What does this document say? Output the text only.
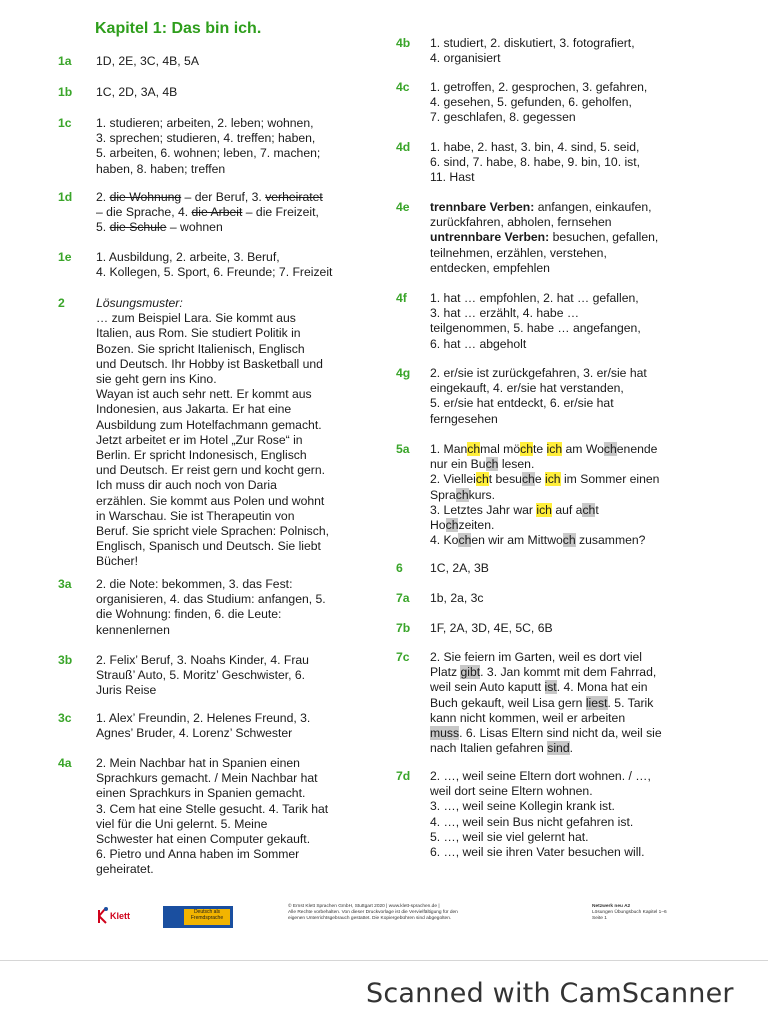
Kapitel 1: Das bin ich.
1a 1D, 2E, 3C, 4B, 5A
1b 1C, 2D, 3A, 4B
1c 1. studieren; arbeiten, 2. leben; wohnen,
3. sprechen; studieren, 4. treffen; haben,
5. arbeiten, 6. wohnen; leben, 7. machen;
haben, 8. haben; treffen
1d 2. die Wohnung – der Beruf, 3. verheiratet
– die Sprache, 4. die Arbeit – die Freizeit,
5. die Schule – wohnen
1e 1. Ausbildung, 2. arbeite, 3. Beruf,
4. Kollegen, 5. Sport, 6. Freunde; 7. Freizeit
2	Lösungsmuster:
… zum Beispiel Lara. Sie kommt aus
Italien, aus Rom. Sie studiert Politik in
Bozen. Sie spricht Italienisch, Englisch
und Deutsch. Ihr Hobby ist Basketball und
sie geht gern ins Kino.
Wayan ist auch sehr nett. Er kommt aus
Indonesien, aus Jakarta. Er hat eine
Ausbildung zum Hotelfachmann gemacht.
Jetzt arbeitet er im Hotel „Zur Rose“ in
Berlin. Er spricht Indonesisch, Englisch
und Deutsch. Er reist gern und kocht gern.
Ich muss dir auch noch von Daria
erzählen. Sie kommt aus Polen und wohnt
in Warschau. Sie ist Therapeutin von
Beruf. Sie spricht viele Sprachen: Polnisch,
Englisch, Spanisch und Deutsch. Sie liebt
Bücher!
3a 2. die Note: bekommen, 3. das Fest:
organisieren, 4. das Studium: anfangen, 5.
die Wohnung: finden, 6. die Leute:
kennenlernen
3b 2. Felix’ Beruf, 3. Noahs Kinder, 4. Frau
Strauß’ Auto, 5. Moritz’ Geschwister, 6.
Juris Reise
3c 1. Alex’ Freundin, 2. Helenes Freund, 3.
Agnes’ Bruder, 4. Lorenz’ Schwester
4a 2. Mein Nachbar hat in Spanien einen
Sprachkurs gemacht. / Mein Nachbar hat
einen Sprachkurs in Spanien gemacht.
3. Cem hat eine Stelle gesucht. 4. Tarik hat
viel für die Uni gelernt. 5. Meine
Schwester hat einen Computer gekauft.
6. Pietro und Anna haben im Sommer
geheiratet.
4b 1. studiert, 2. diskutiert, 3. fotografiert,
4. organisiert
4c 1. getroffen, 2. gesprochen, 3. gefahren,
4. gesehen, 5. gefunden, 6. geholfen,
7. geschlafen, 8. gegessen
4d 1. habe, 2. hast, 3. bin, 4. sind, 5. seid,
6. sind, 7. habe, 8. habe, 9. bin, 10. ist,
11. Hast
4e trennbare Verben: anfangen, einkaufen,
zurückfahren, abholen, fernsehen
untrennbare Verben: besuchen, gefallen,
teilnehmen, erzählen, verstehen,
entdecken, empfehlen
4f 1. hat … empfohlen, 2. hat … gefallen,
3. hat … erzählt, 4. habe …
teilgenommen, 5. habe … angefangen,
6. hat … abgeholt
4g 2. er/sie ist zurückgefahren, 3. er/sie hat
eingekauft, 4. er/sie hat verstanden,
5. er/sie hat entdeckt, 6. er/sie hat
ferngesehen
5a 1. Manchmal möchte ich am Wochenende
nur ein Buch lesen.
2. Vielleicht besuche ich im Sommer einen
Sprachkurs.
3. Letztes Jahr war ich auf acht
Hochzeiten.
4. Kochen wir am Mittwoch zusammen?
6 1C, 2A, 3B
7a 1b, 2a, 3c
7b 1F, 2A, 3D, 4E, 5C, 6B
7c 2. Sie feiern im Garten, weil es dort viel
Platz gibt. 3. Jan kommt mit dem Fahrrad,
weil sein Auto kaputt ist. 4. Mona hat ein
Buch gekauft, weil Lisa gern liest. 5. Tarik
kann nicht kommen, weil er arbeiten
muss. 6. Lisas Eltern sind nicht da, weil sie
nach Italien gefahren sind.
7d 2. …, weil seine Eltern dort wohnen. / …,
weil dort seine Eltern wohnen.
3. …, weil seine Kollegin krank ist.
4. …, weil sein Bus nicht gefahren ist.
5. …, weil sie viel gelernt hat.
6. …, weil sie ihren Vater besuchen will.
Klett	Deutsch als Fremdsprache
© Ernst Klett Sprachen GmbH, Stuttgart 2020 | www.klett-sprachen.de |
Alle Rechte vorbehalten. Von dieser Druckvorlage ist die Vervielfältigung für den
eigenen Unterrichtsgebrauch gestattet. Die Kopiergebühren sind abgegolten.
Netzwerk neu A2
Lösungen Übungsbuch Kapitel 1–6
Seite 1
Scanned with CamScanner
